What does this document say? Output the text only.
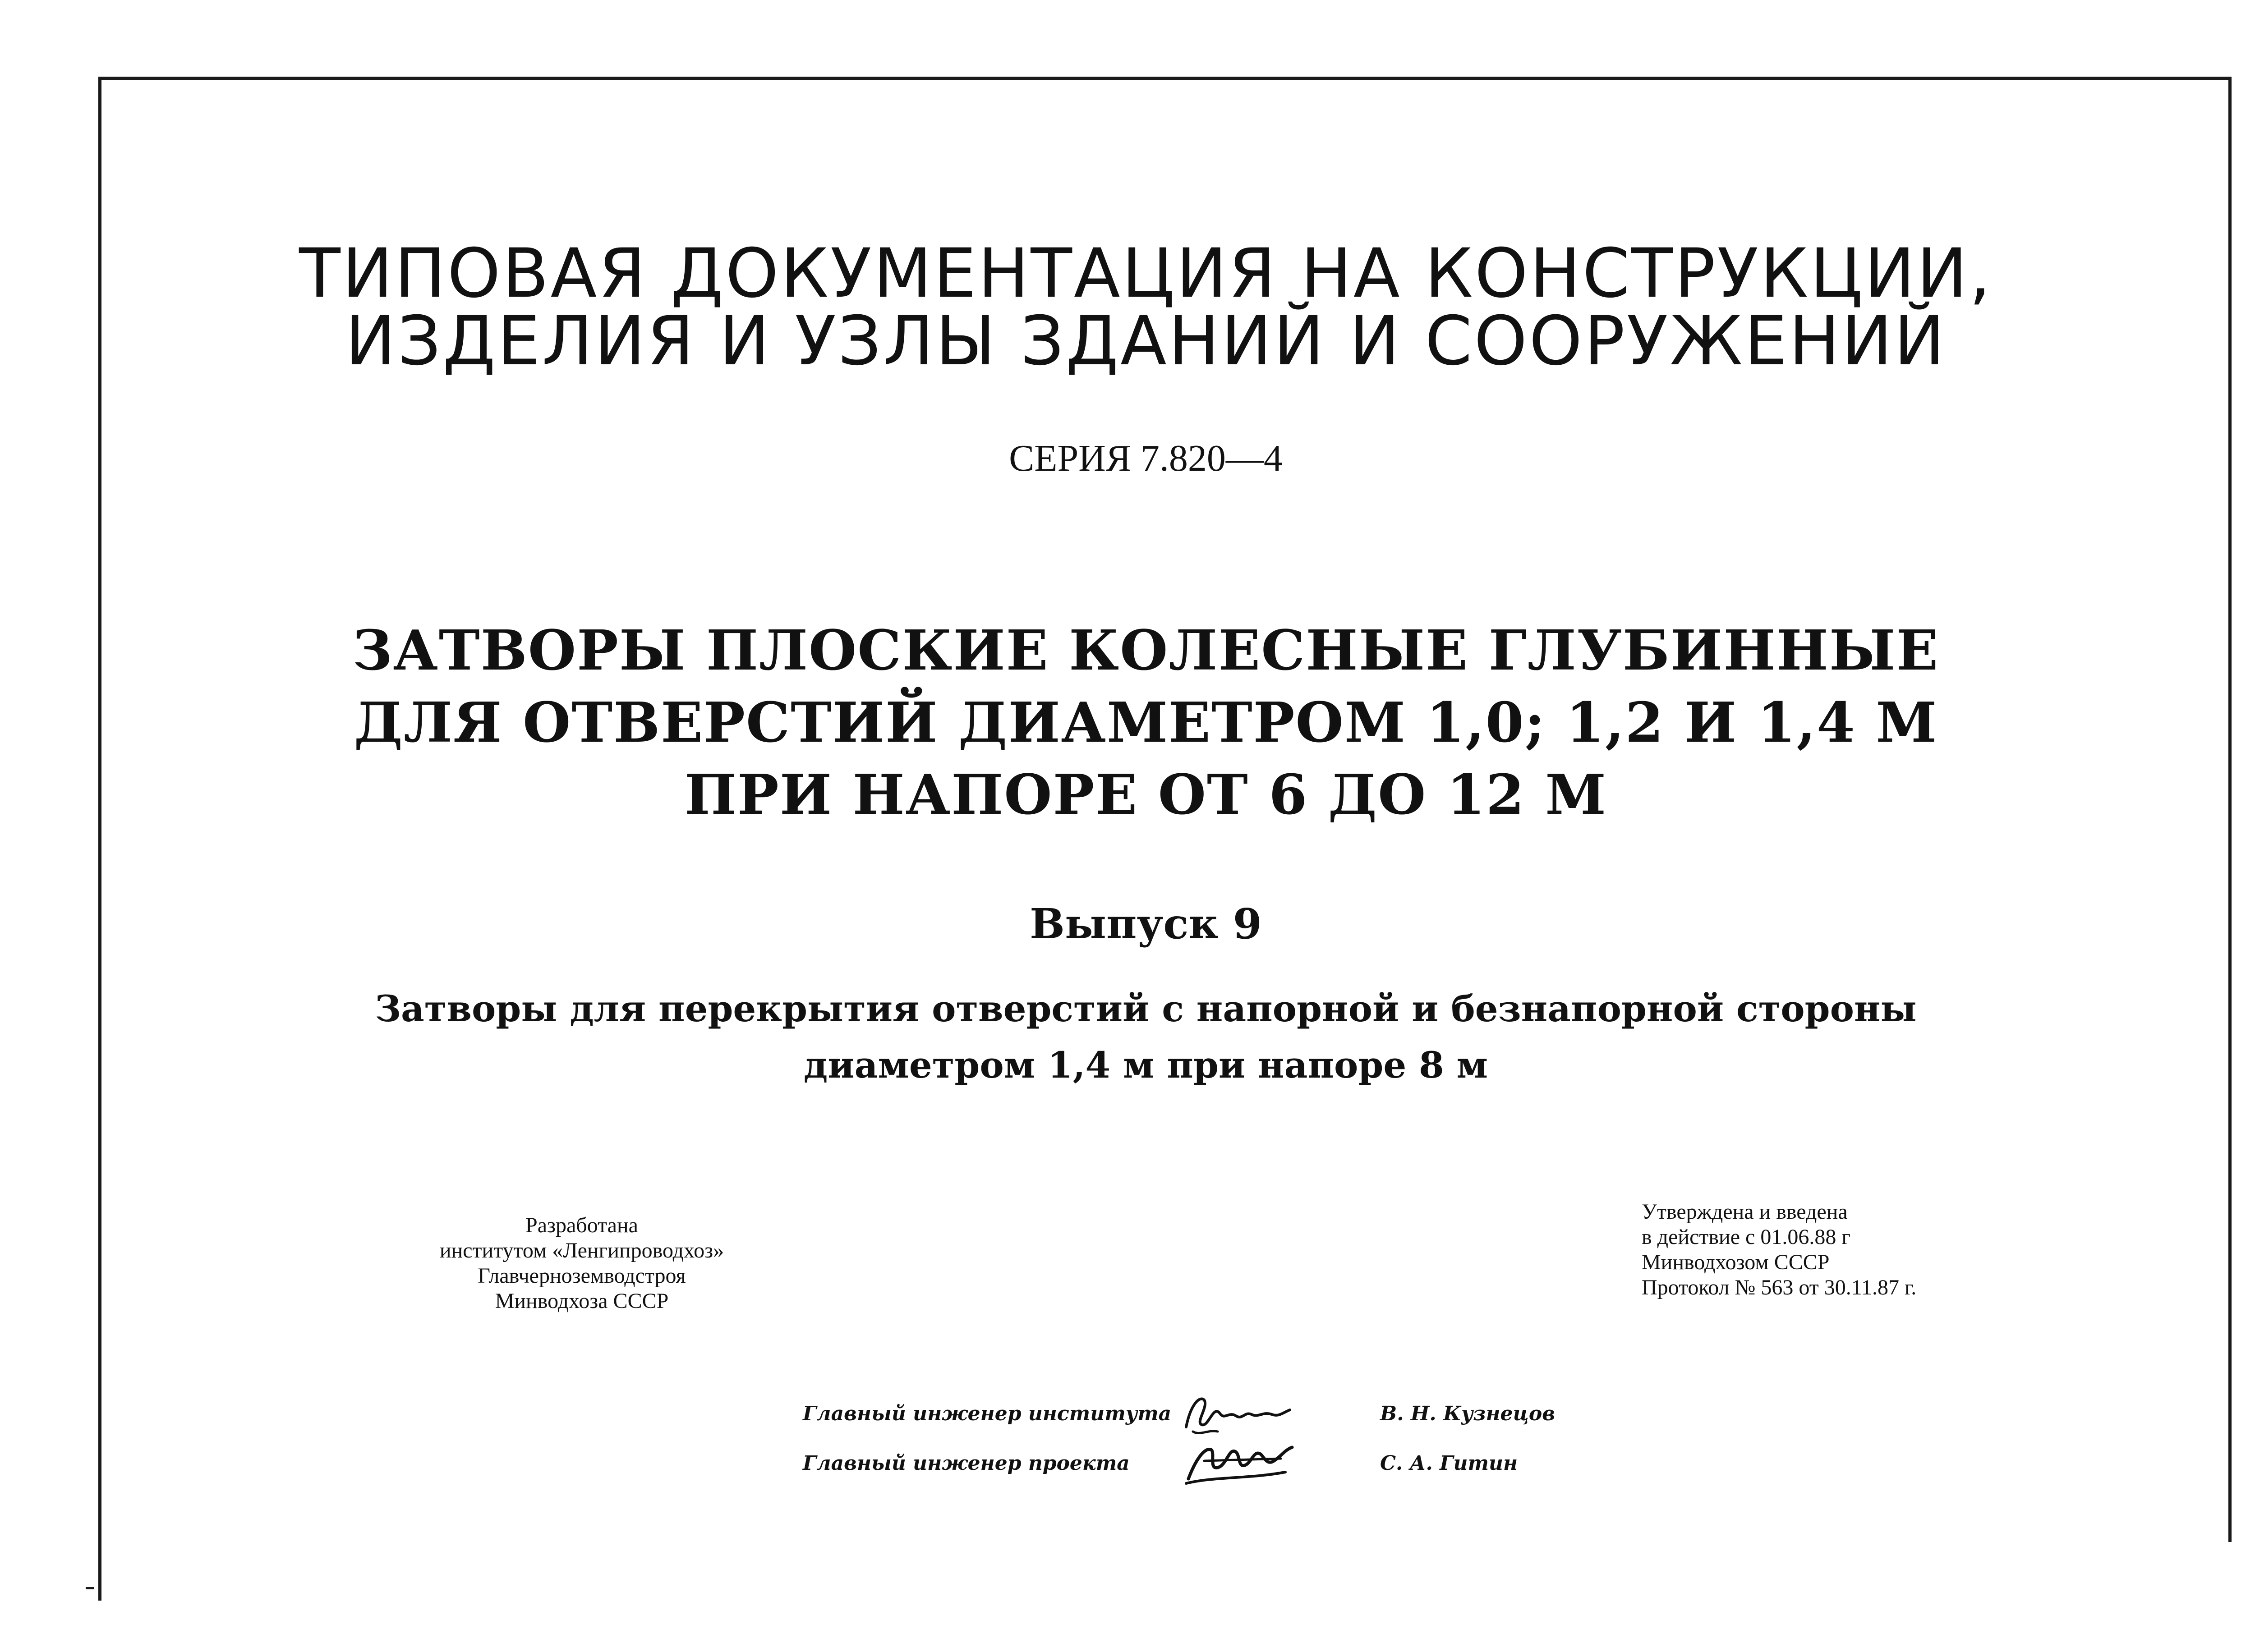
ТИПОВАЯ ДОКУМЕНТАЦИЯ НА КОНСТРУКЦИИ,
ИЗДЕЛИЯ И УЗЛЫ ЗДАНИЙ И СООРУЖЕНИЙ
СЕРИЯ 7.820—4
ЗАТВОРЫ ПЛОСКИЕ КОЛЕСНЫЕ ГЛУБИННЫЕ
ДЛЯ ОТВЕРСТИЙ ДИАМЕТРОМ 1,0; 1,2 И 1,4 М
ПРИ НАПОРЕ ОТ 6 ДО 12 М
Выпуск 9
Затворы для перекрытия отверстий с напорной и безнапорной стороны
диаметром 1,4 м при напоре 8 м
Разработана
институтом «Ленгипроводхоз»
Главчерноземводстроя
Минводхоза СССР
Утверждена и введена
в действие с 01.06.88 г
Минводхозом СССР
Протокол № 563 от 30.11.87 г.
Главный инженер института	В. Н. Кузнецов
Главный инженер проекта	С. А. Гитин
